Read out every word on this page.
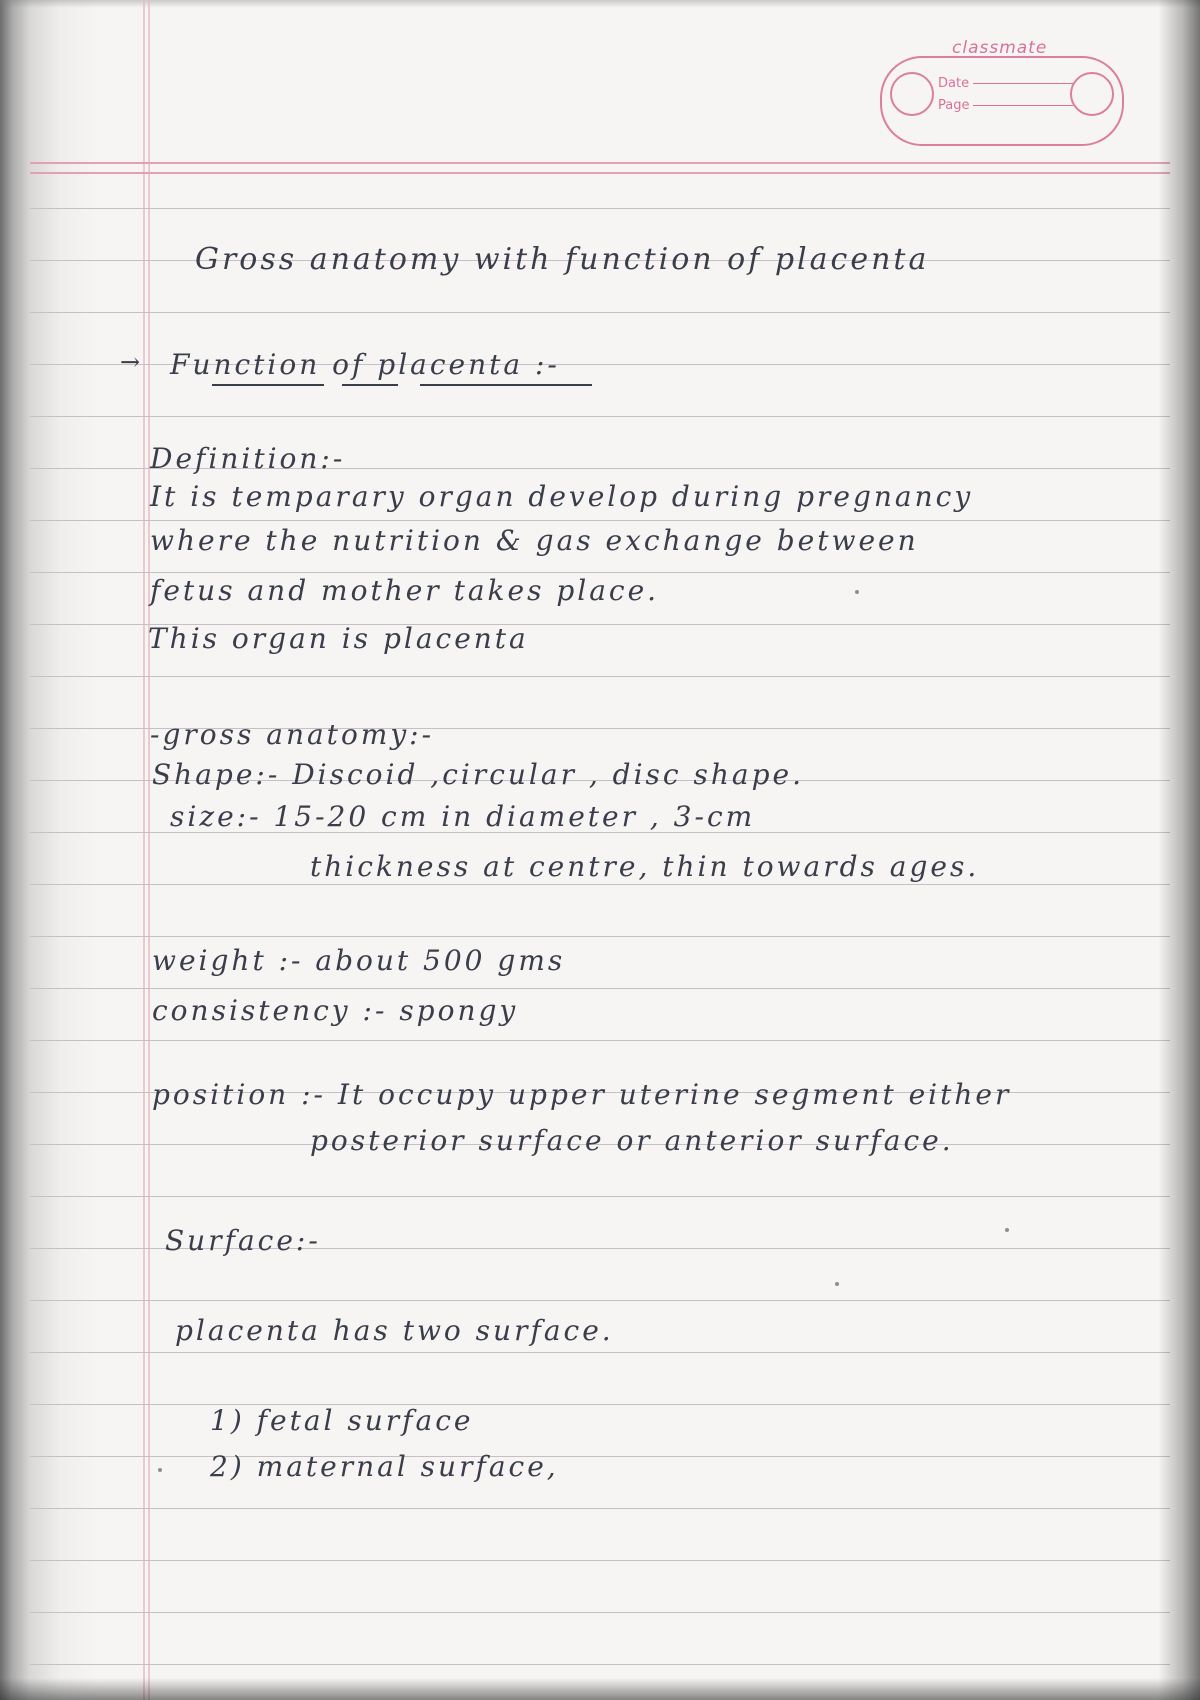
classmate
Date
Page
Gross anatomy with function of placenta
→ Function of placenta :-
Definition:-
It is temparary organ develop during pregnancy
where the nutrition & gas exchange between
fetus and mother takes place.
This organ is placenta
-gross anatomy:-
Shape:- Discoid ,circular , disc shape.
size:- 15-20 cm in diameter , 3-cm
thickness at centre, thin towards ages.
weight :- about 500 gms
consistency :- spongy
position :- It occupy upper uterine segment either
posterior surface or anterior surface.
Surface:-
placenta has two surface.
1) fetal surface
2) maternal surface,
